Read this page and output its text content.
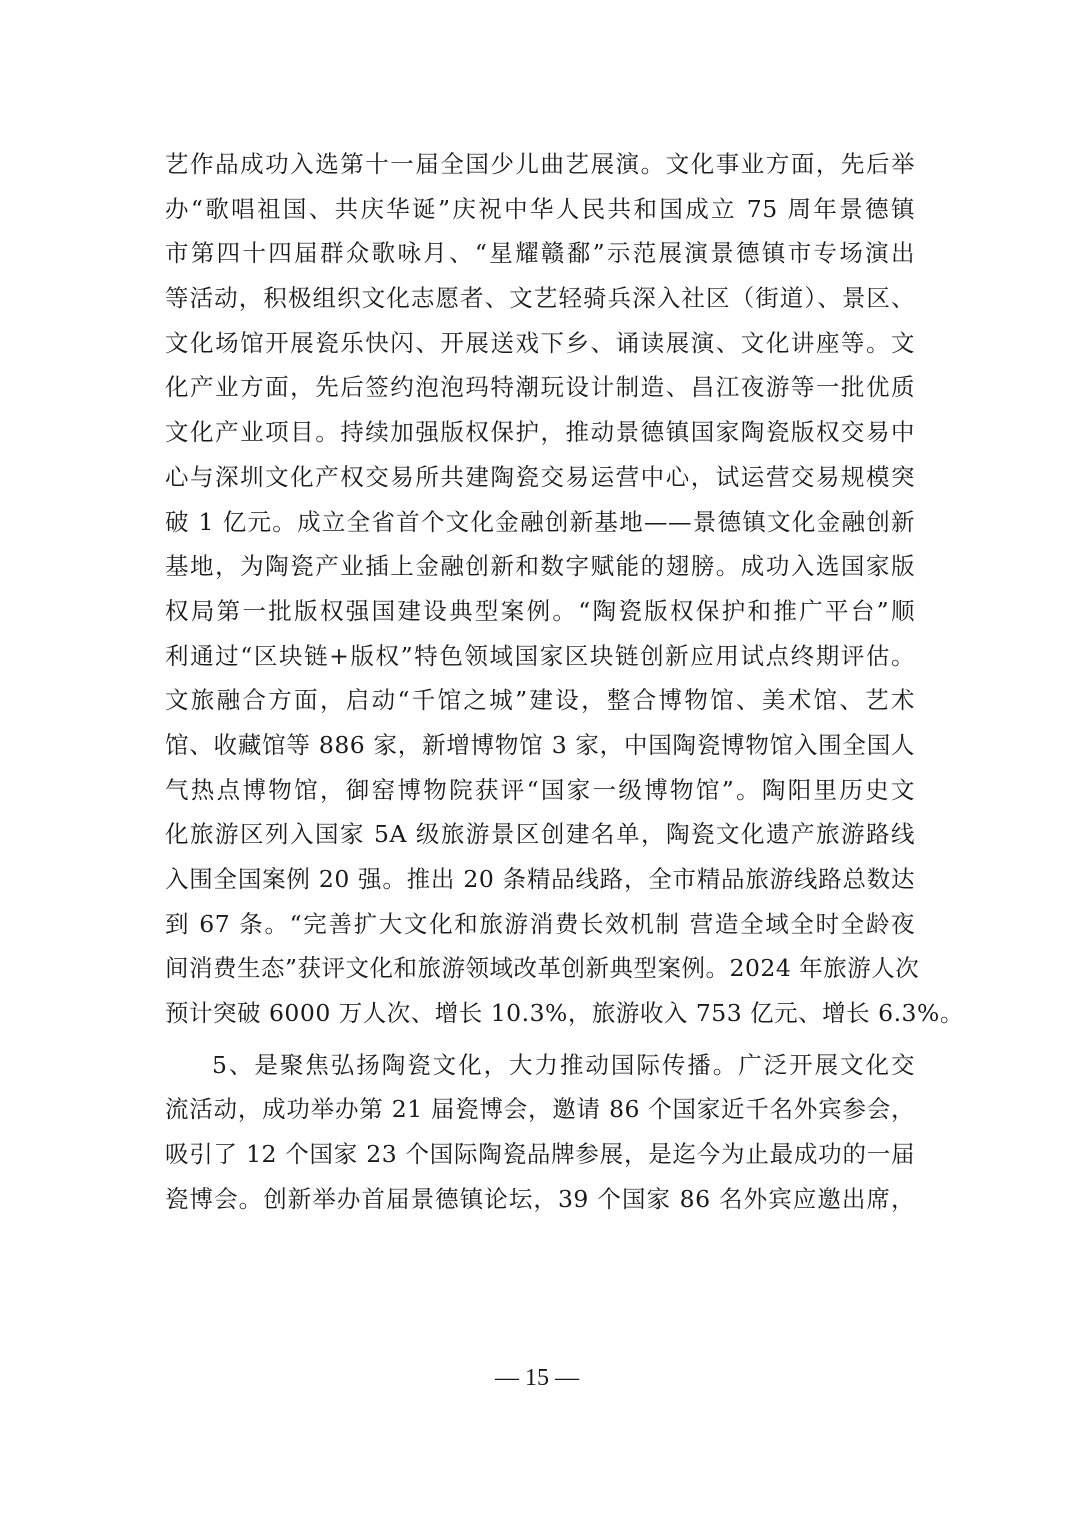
艺作品成功入选第十一届全国少儿曲艺展演。文化事业方面，先后举
办“歌唱祖国、共庆华诞”庆祝中华人民共和国成立 75 周年景德镇
市第四十四届群众歌咏月、“星耀赣鄱”示范展演景德镇市专场演出
等活动，积极组织文化志愿者、文艺轻骑兵深入社区（街道）、景区、
文化场馆开展瓷乐快闪、开展送戏下乡、诵读展演、文化讲座等。文
化产业方面，先后签约泡泡玛特潮玩设计制造、昌江夜游等一批优质
文化产业项目。持续加强版权保护，推动景德镇国家陶瓷版权交易中
心与深圳文化产权交易所共建陶瓷交易运营中心，试运营交易规模突
破 1 亿元。成立全省首个文化金融创新基地——景德镇文化金融创新
基地，为陶瓷产业插上金融创新和数字赋能的翅膀。成功入选国家版
权局第一批版权强国建设典型案例。“陶瓷版权保护和推广平台”顺
利通过“区块链+版权”特色领域国家区块链创新应用试点终期评估。
文旅融合方面，启动“千馆之城”建设，整合博物馆、美术馆、艺术
馆、收藏馆等 886 家，新增博物馆 3 家，中国陶瓷博物馆入围全国人
气热点博物馆，御窑博物院获评“国家一级博物馆”。陶阳里历史文
化旅游区列入国家 5A 级旅游景区创建名单，陶瓷文化遗产旅游路线
入围全国案例 20 强。推出 20 条精品线路，全市精品旅游线路总数达
到 67 条。“完善扩大文化和旅游消费长效机制 营造全域全时全龄夜
间消费生态”获评文化和旅游领域改革创新典型案例。2024 年旅游人次
预计突破 6000 万人次、增长 10.3%，旅游收入 753 亿元、增长 6.3%。
5、是聚焦弘扬陶瓷文化，大力推动国际传播。广泛开展文化交
流活动，成功举办第 21 届瓷博会，邀请 86 个国家近千名外宾参会，
吸引了 12 个国家 23 个国际陶瓷品牌参展，是迄今为止最成功的一届
瓷博会。创新举办首届景德镇论坛，39 个国家 86 名外宾应邀出席，
— 15 —
